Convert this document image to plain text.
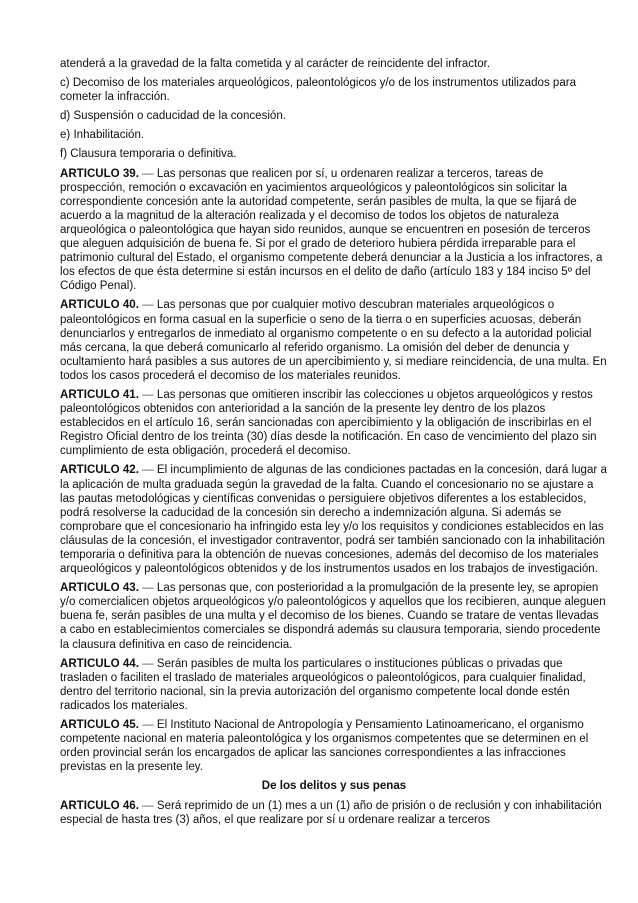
atenderá a la gravedad de la falta cometida y al carácter de reincidente del infractor.

c) Decomiso de los materiales arqueológicos, paleontológicos y/o de los instrumentos utilizados para cometer la infracción.

d) Suspensión o caducidad de la concesión.

e) Inhabilitación.

f) Clausura temporaria o definitiva.

ARTICULO 39. — Las personas que realicen por sí, u ordenaren realizar a terceros, tareas de prospección, remoción o excavación en yacimientos arqueológicos y paleontológicos sin solicitar la correspondiente concesión ante la autoridad competente, serán pasibles de multa, la que se fijará de acuerdo a la magnitud de la alteración realizada y el decomiso de todos los objetos de naturaleza arqueológica o paleontológica que hayan sido reunidos, aunque se encuentren en posesión de terceros que aleguen adquisición de buena fe. Si por el grado de deterioro hubiera pérdida irreparable para el patrimonio cultural del Estado, el organismo competente deberá denunciar a la Justicia a los infractores, a los efectos de que ésta determine si están incursos en el delito de daño (artículo 183 y 184 inciso 5º del Código Penal).

ARTICULO 40. — Las personas que por cualquier motivo descubran materiales arqueológicos o paleontológicos en forma casual en la superficie o seno de la tierra o en superficies acuosas, deberán denunciarlos y entregarlos de inmediato al organismo competente o en su defecto a la autoridad policial más cercana, la que deberá comunicarlo al referido organismo. La omisión del deber de denuncia y ocultamiento hará pasibles a sus autores de un apercibimiento y, si mediare reincidencia, de una multa. En todos los casos procederá el decomiso de los materiales reunidos.

ARTICULO 41. — Las personas que omitieren inscribir las colecciones u objetos arqueológicos y restos paleontológicos obtenidos con anterioridad a la sanción de la presente ley dentro de los plazos establecidos en el artículo 16, serán sancionadas con apercibimiento y la obligación de inscribirlas en el Registro Oficial dentro de los treinta (30) días desde la notificación. En caso de vencimiento del plazo sin cumplimiento de esta obligación, procederá el decomiso.

ARTICULO 42. — El incumplimiento de algunas de las condiciones pactadas en la concesión, dará lugar a la aplicación de multa graduada según la gravedad de la falta. Cuando el concesionario no se ajustare a las pautas metodológicas y científicas convenidas o persiguiere objetivos diferentes a los establecidos, podrá resolverse la caducidad de la concesión sin derecho a indemnización alguna. Si además se comprobare que el concesionario ha infringido esta ley y/o los requisitos y condiciones establecidos en las cláusulas de la concesión, el investigador contraventor, podrá ser también sancionado con la inhabilitación temporaria o definitiva para la obtención de nuevas concesiones, además del decomiso de los materiales arqueológicos y paleontológicos obtenidos y de los instrumentos usados en los trabajos de investigación.

ARTICULO 43. — Las personas que, con posterioridad a la promulgación de la presente ley, se apropien y/o comercialicen objetos arqueológicos y/o paleontológicos y aquellos que los recibieren, aunque aleguen buena fe, serán pasibles de una multa y el decomiso de los bienes. Cuando se tratare de ventas llevadas a cabo en establecimientos comerciales se dispondrá además su clausura temporaria, siendo procedente la clausura definitiva en caso de reincidencia.

ARTICULO 44. — Serán pasibles de multa los particulares o instituciones públicas o privadas que trasladen o faciliten el traslado de materiales arqueológicos o paleontológicos, para cualquier finalidad, dentro del territorio nacional, sin la previa autorización del organismo competente local donde estén radicados los materiales.

ARTICULO 45. — El Instituto Nacional de Antropología y Pensamiento Latinoamericano, el organismo competente nacional en materia paleontológica y los organismos competentes que se determinen en el orden provincial serán los encargados de aplicar las sanciones correspondientes a las infracciones previstas en la presente ley.

De los delitos y sus penas

ARTICULO 46. — Será reprimido de un (1) mes a un (1) año de prisión o de reclusión y con inhabilitación especial de hasta tres (3) años, el que realizare por sí u ordenare realizar a terceros
